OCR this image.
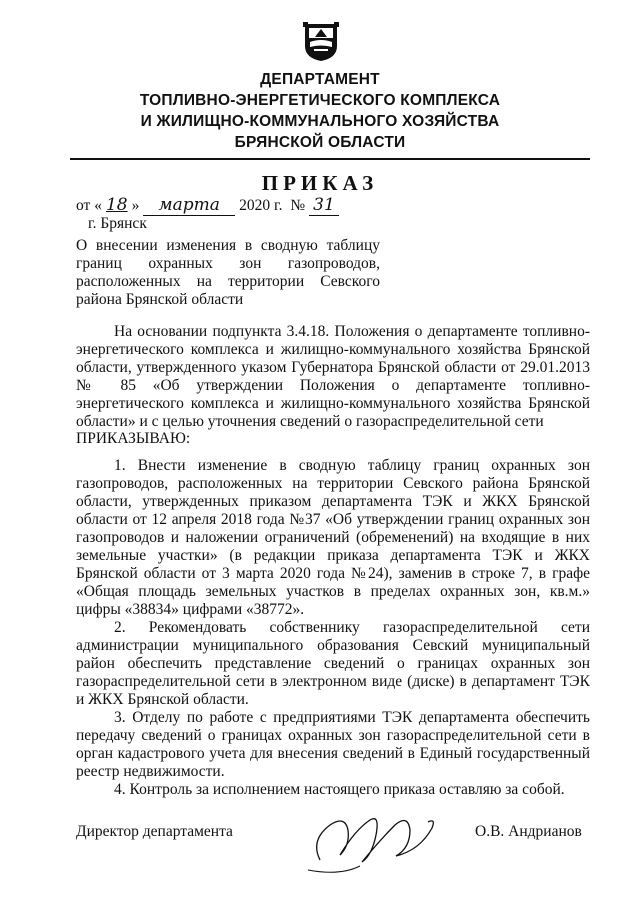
ДЕПАРТАМЕНТ
ТОПЛИВНО-ЭНЕРГЕТИЧЕСКОГО КОМПЛЕКСА
И ЖИЛИЩНО-КОММУНАЛЬНОГО ХОЗЯЙСТВА
БРЯНСКОЙ ОБЛАСТИ
ПРИКАЗ
от « 18 » марта 2020 г. № 31
г. Брянск
О внесении изменения в сводную таблицу границ охранных зон газопроводов, расположенных на территории Севского района Брянской области
На основании подпункта 3.4.18. Положения о департаменте топливно-энергетического комплекса и жилищно-коммунального хозяйства Брянской области, утвержденного указом Губернатора Брянской области от 29.01.2013 № 85 «Об утверждении Положения о департаменте топливно-энергетического комплекса и жилищно-коммунального хозяйства Брянской области» и с целью уточнения сведений о газораспределительной сети
ПРИКАЗЫВАЮ:
1. Внести изменение в сводную таблицу границ охранных зон газопроводов, расположенных на территории Севского района Брянской области, утвержденных приказом департамента ТЭК и ЖКХ Брянской области от 12 апреля 2018 года №37 «Об утверждении границ охранных зон газопроводов и наложении ограничений (обременений) на входящие в них земельные участки» (в редакции приказа департамента ТЭК и ЖКХ Брянской области от 3 марта 2020 года №24), заменив в строке 7, в графе «Общая площадь земельных участков в пределах охранных зон, кв.м.» цифры «38834» цифрами «38772».
2. Рекомендовать собственнику газораспределительной сети администрации муниципального образования Севский муниципальный район обеспечить представление сведений о границах охранных зон газораспределительной сети в электронном виде (диске) в департамент ТЭК и ЖКХ Брянской области.
3. Отделу по работе с предприятиями ТЭК департамента обеспечить передачу сведений о границах охранных зон газораспределительной сети в орган кадастрового учета для внесения сведений в Единый государственный реестр недвижимости.
4. Контроль за исполнением настоящего приказа оставляю за собой.
Директор департамента	О.В. Андрианов
